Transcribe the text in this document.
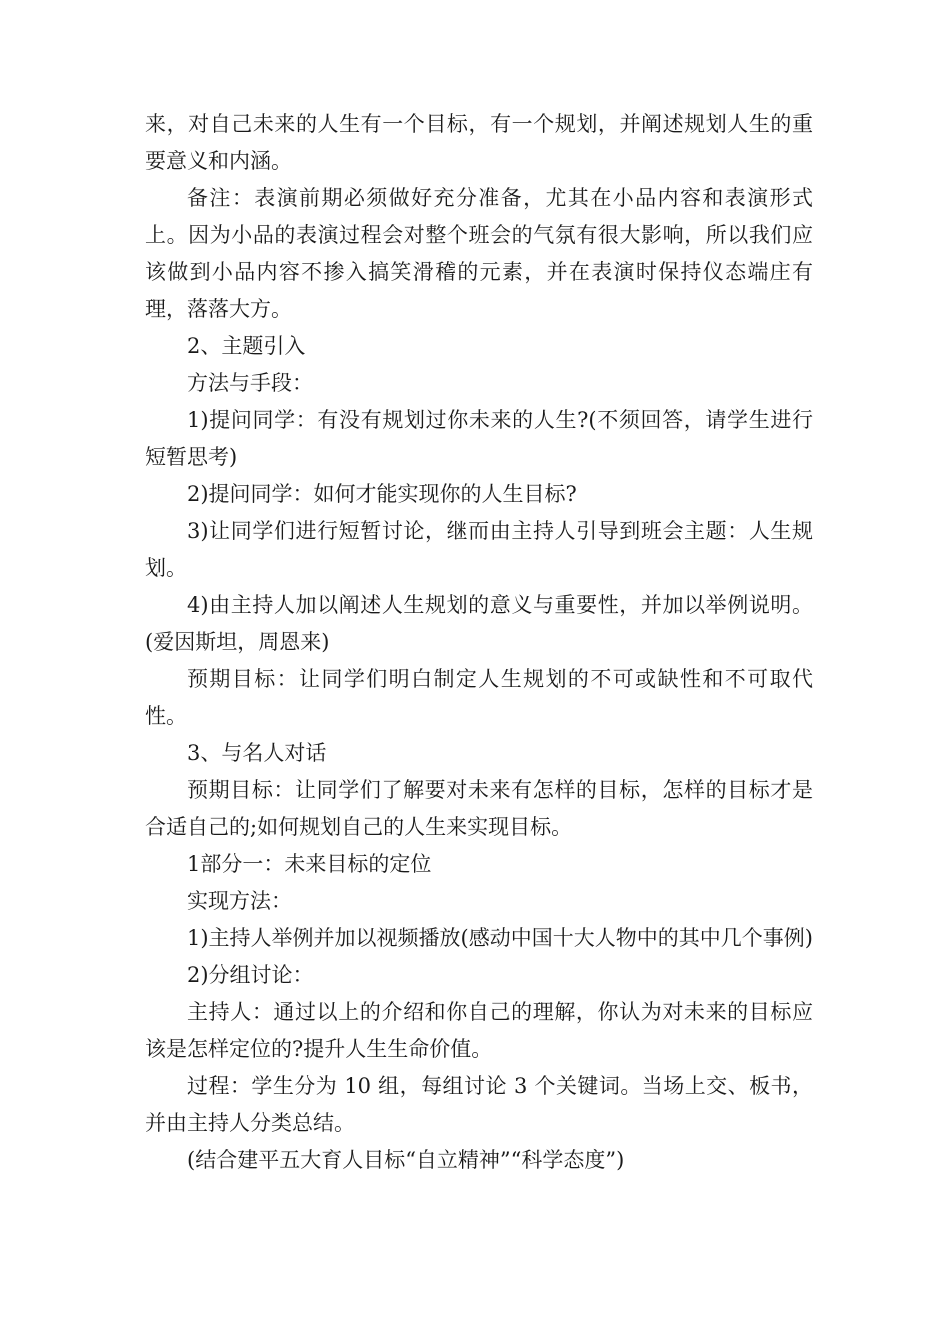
来，对自己未来的人生有一个目标，有一个规划，并阐述规划人生的重要意义和内涵。

备注：表演前期必须做好充分准备，尤其在小品内容和表演形式上。因为小品的表演过程会对整个班会的气氛有很大影响，所以我们应该做到小品内容不掺入搞笑滑稽的元素，并在表演时保持仪态端庄有理，落落大方。

2、主题引入

方法与手段：

1)提问同学：有没有规划过你未来的人生?(不须回答，请学生进行短暂思考)

2)提问同学：如何才能实现你的人生目标?

3)让同学们进行短暂讨论，继而由主持人引导到班会主题：人生规划。

4)由主持人加以阐述人生规划的意义与重要性，并加以举例说明。(爱因斯坦，周恩来)

预期目标：让同学们明白制定人生规划的不可或缺性和不可取代性。

3、与名人对话

预期目标：让同学们了解要对未来有怎样的目标，怎样的目标才是合适自己的;如何规划自己的人生来实现目标。

1部分一：未来目标的定位

实现方法：

1)主持人举例并加以视频播放(感动中国十大人物中的其中几个事例)

2)分组讨论：

主持人：通过以上的介绍和你自己的理解，你认为对未来的目标应该是怎样定位的?提升人生生命价值。

过程：学生分为 10 组，每组讨论 3 个关键词。当场上交、板书，并由主持人分类总结。

(结合建平五大育人目标“自立精神”“科学态度”)
